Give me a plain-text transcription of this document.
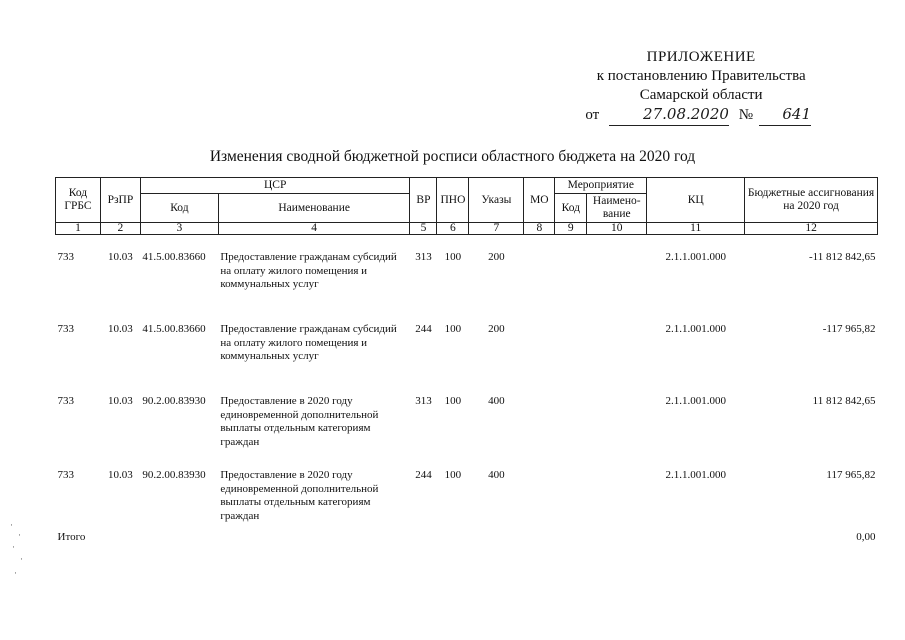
ПРИЛОЖЕНИЕ
к постановлению Правительства
Самарской области
от	27.08.2020 № 641
Изменения сводной бюджетной росписи областного бюджета на 2020 год
Код ГРБС	РзПР	ЦСР		ВР	ПНО	Указы	МО	Мероприятие		КЦ	Бюджетные ассигнования на 2020 год
		Код	Наименование					Код	Наимено-вание		
1	2	3	4	5	6	7	8	9	10	11	12
733	10.03	41.5.00.83660	Предоставление гражданам субсидий на оплату жилого помещения и коммунальных услуг	313	100	200				2.1.1.001.000	-11 812 842,65
733	10.03	41.5.00.83660	Предоставление гражданам субсидий на оплату жилого помещения и коммунальных услуг	244	100	200				2.1.1.001.000	-117 965,82
733	10.03	90.2.00.83930	Предоставление в 2020 году единовременной дополнительной выплаты отдельным категориям граждан	313	100	400				2.1.1.001.000	11 812 842,65
733	10.03	90.2.00.83930	Предоставление в 2020 году единовременной дополнительной выплаты отдельным категориям граждан	244	100	400				2.1.1.001.000	117 965,82
Итого											0,00
·
·
·
·
·
